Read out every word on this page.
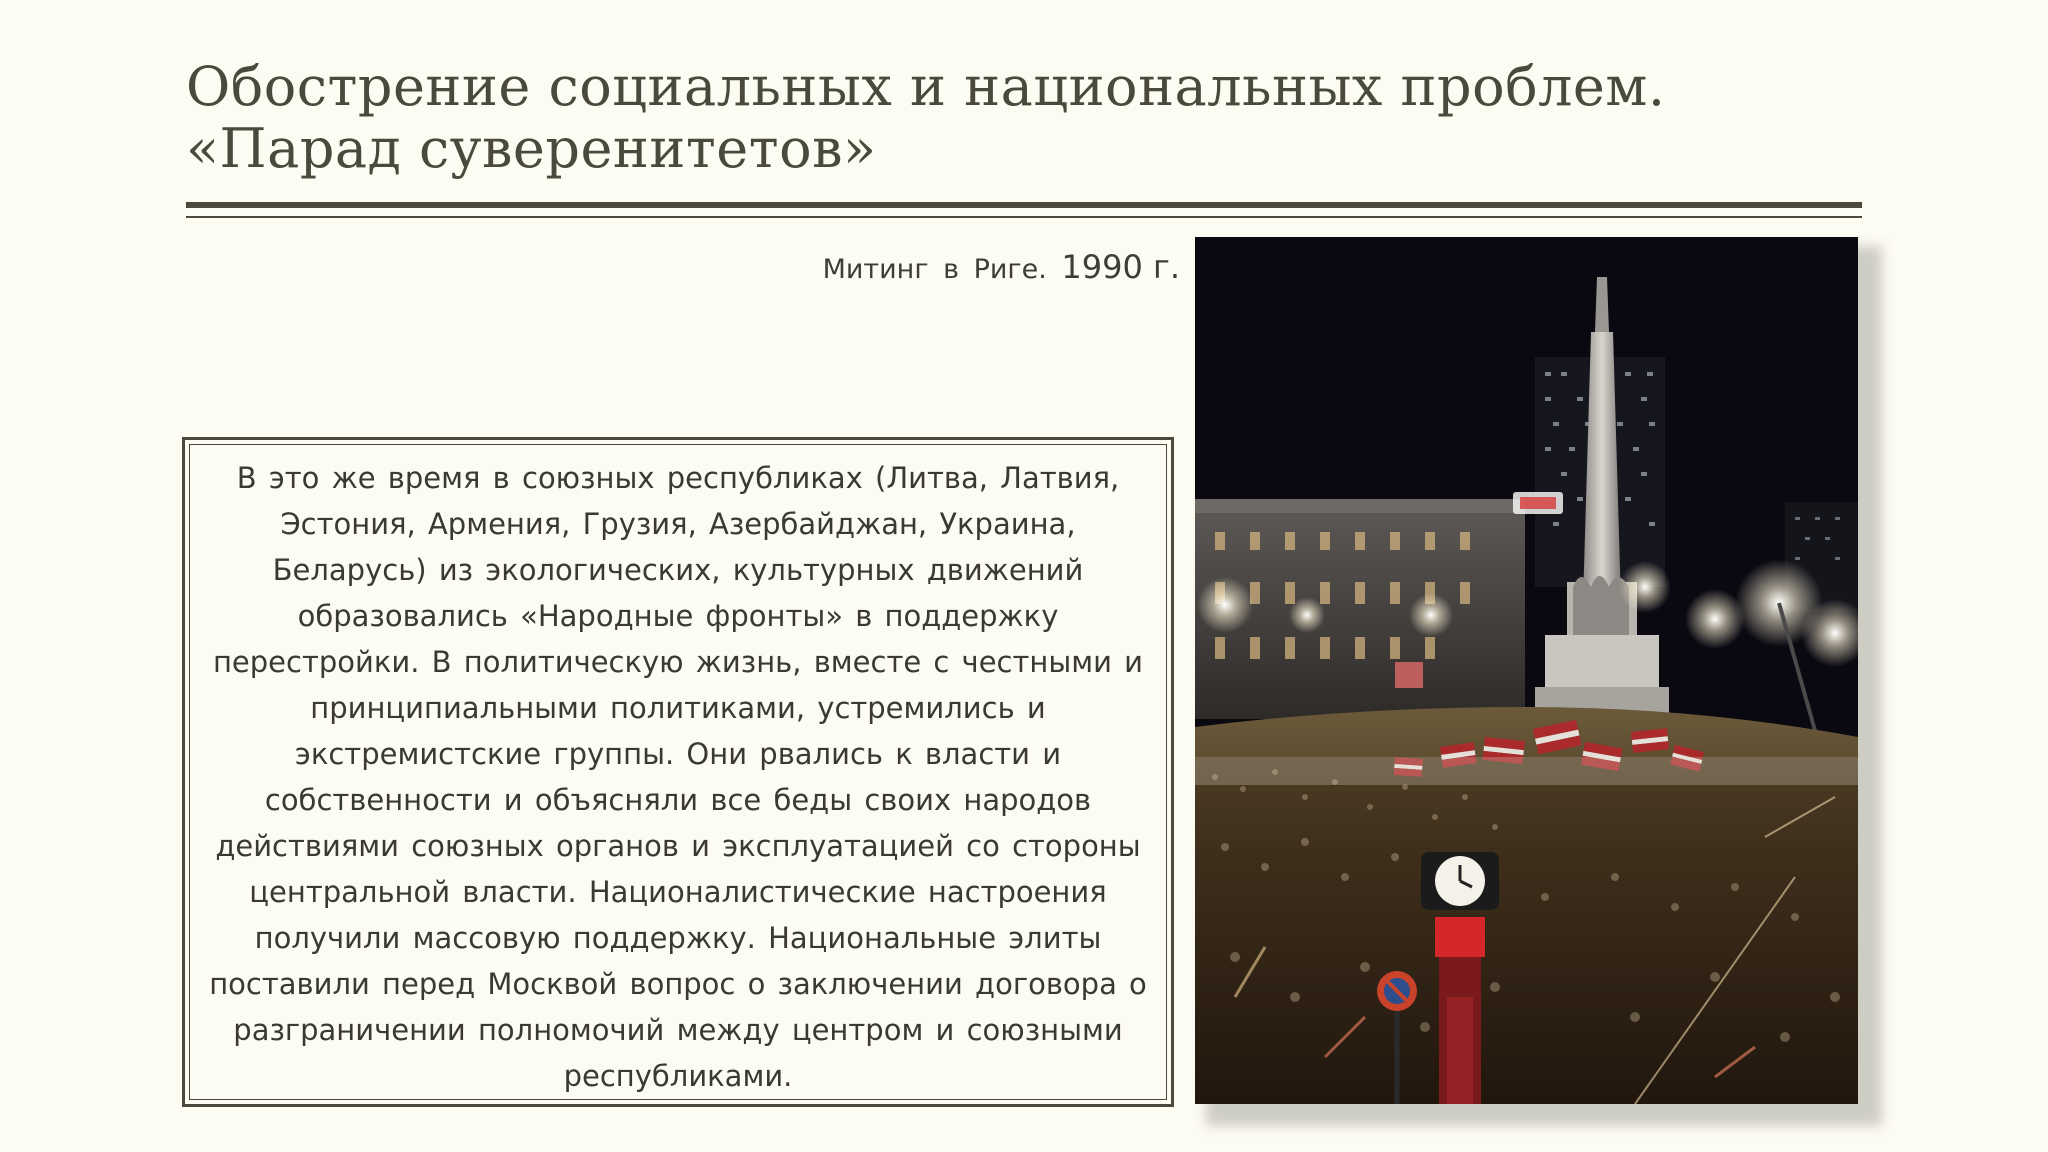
Обострение социальных и национальных проблем. «Парад суверенитетов»
Митинг в Риге. 1990 г.

В это же время в союзных республиках (Литва, Латвия, Эстония, Армения, Грузия, Азербайджан, Украина, Беларусь) из экологических, культурных движений образовались «Народные фронты» в поддержку перестройки. В политическую жизнь, вместе с честными и принципиальными политиками, устремились и экстремистские группы. Они рвались к власти и собственности и объясняли все беды своих народов действиями союзных органов и эксплуатацией со стороны центральной власти. Националистические настроения получили массовую поддержку. Национальные элиты поставили перед Москвой вопрос о заключении договора о разграничении полномочий между центром и союзными республиками.
